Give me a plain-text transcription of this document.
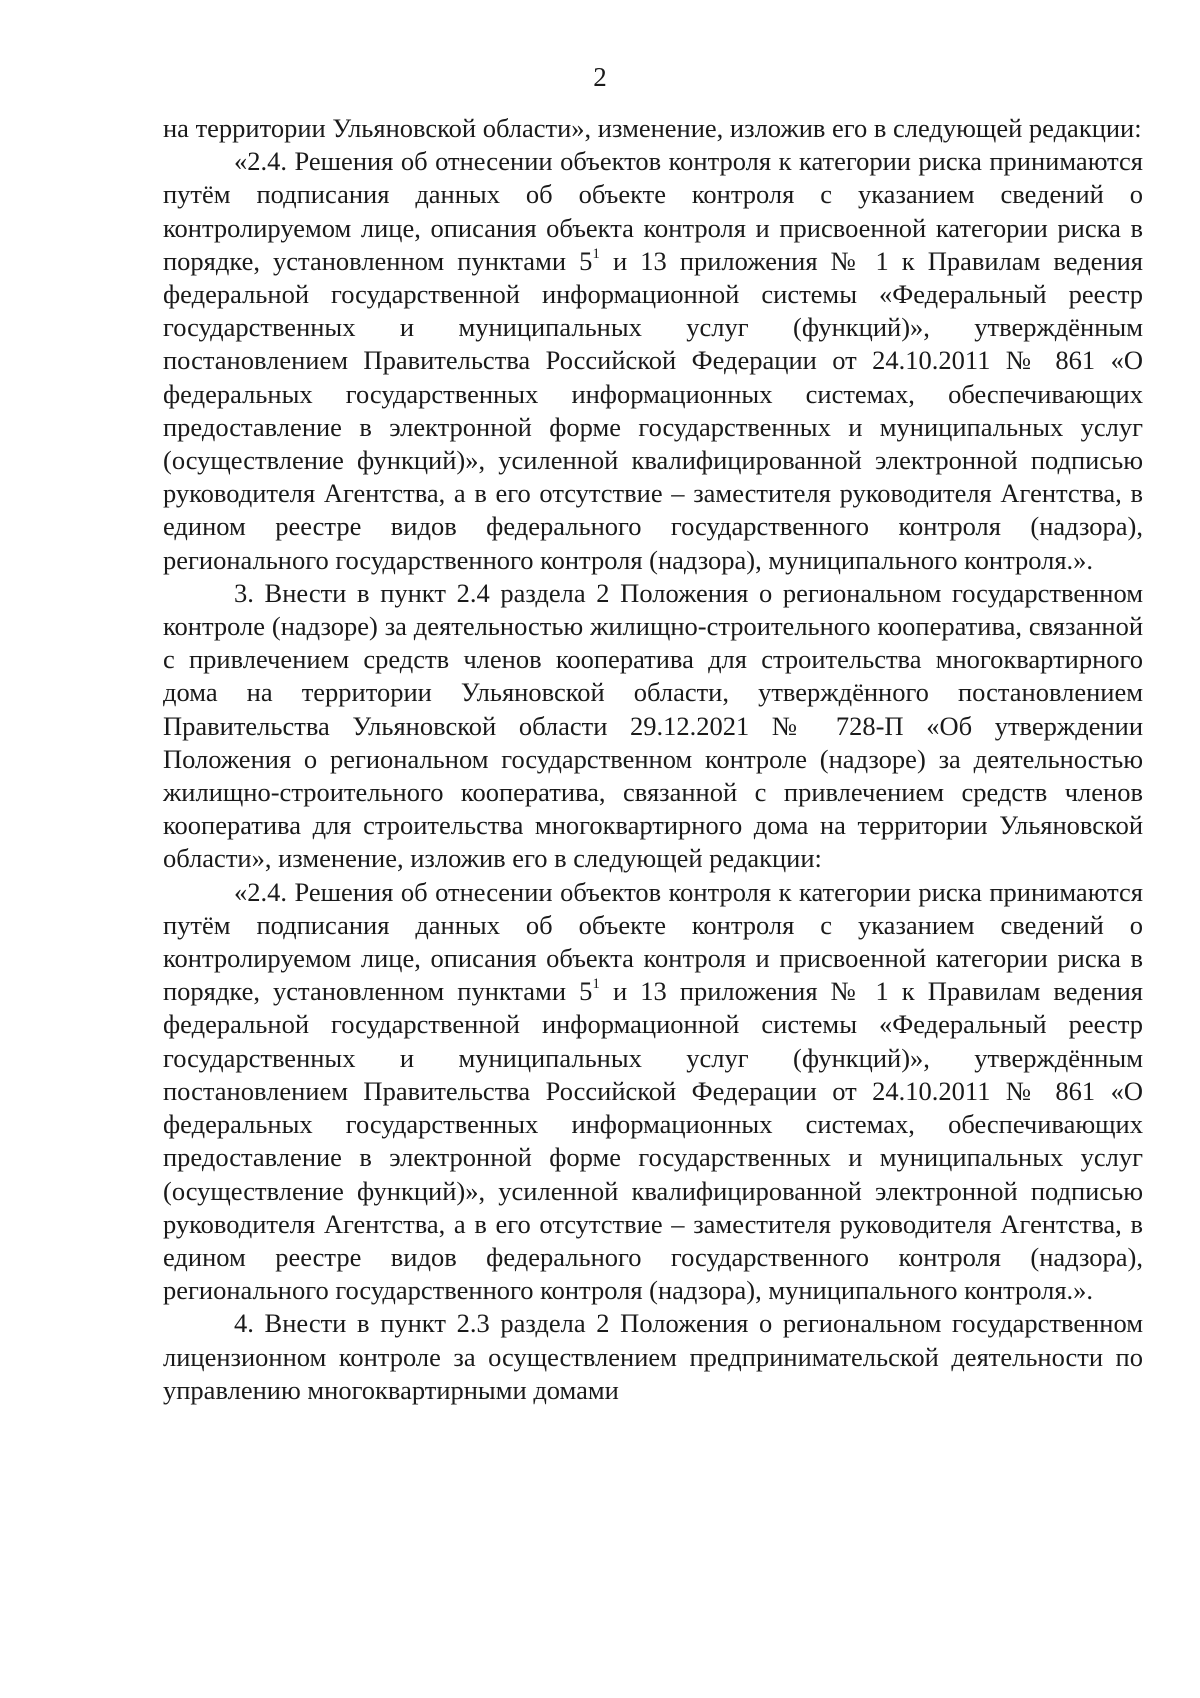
2

на территории Ульяновской области», изменение, изложив его в следующей редакции:

«2.4. Решения об отнесении объектов контроля к категории риска принимаются путём подписания данных об объекте контроля с указанием сведений о контролируемом лице, описания объекта контроля и присвоенной категории риска в порядке, установленном пунктами $5^1$ и 13 приложения № 1 к Правилам ведения федеральной государственной информационной системы «Федеральный реестр государственных и муниципальных услуг (функций)», утверждённым постановлением Правительства Российской Федерации от 24.10.2011 № 861 «О федеральных государственных информационных системах, обеспечивающих предоставление в электронной форме государственных и муниципальных услуг (осуществление функций)», усиленной квалифицированной электронной подписью руководителя Агентства, а в его отсутствие – заместителя руководителя Агентства, в едином реестре видов федерального государственного контроля (надзора), регионального государственного контроля (надзора), муниципального контроля.».

3. Внести в пункт 2.4 раздела 2 Положения о региональном государственном контроле (надзоре) за деятельностью жилищно-строительного кооператива, связанной с привлечением средств членов кооператива для строительства многоквартирного дома на территории Ульяновской области, утверждённого постановлением Правительства Ульяновской области 29.12.2021 № 728-П «Об утверждении Положения о региональном государственном контроле (надзоре) за деятельностью жилищно-строительного кооператива, связанной с привлечением средств членов кооператива для строительства многоквартирного дома на территории Ульяновской области», изменение, изложив его в следующей редакции:

«2.4. Решения об отнесении объектов контроля к категории риска принимаются путём подписания данных об объекте контроля с указанием сведений о контролируемом лице, описания объекта контроля и присвоенной категории риска в порядке, установленном пунктами $5^1$ и 13 приложения № 1 к Правилам ведения федеральной государственной информационной системы «Федеральный реестр государственных и муниципальных услуг (функций)», утверждённым постановлением Правительства Российской Федерации от 24.10.2011 № 861 «О федеральных государственных информационных системах, обеспечивающих предоставление в электронной форме государственных и муниципальных услуг (осуществление функций)», усиленной квалифицированной электронной подписью руководителя Агентства, а в его отсутствие – заместителя руководителя Агентства, в едином реестре видов федерального государственного контроля (надзора), регионального государственного контроля (надзора), муниципального контроля.».

4. Внести в пункт 2.3 раздела 2 Положения о региональном государственном лицензионном контроле за осуществлением предпринимательской деятельности по управлению многоквартирными домами
